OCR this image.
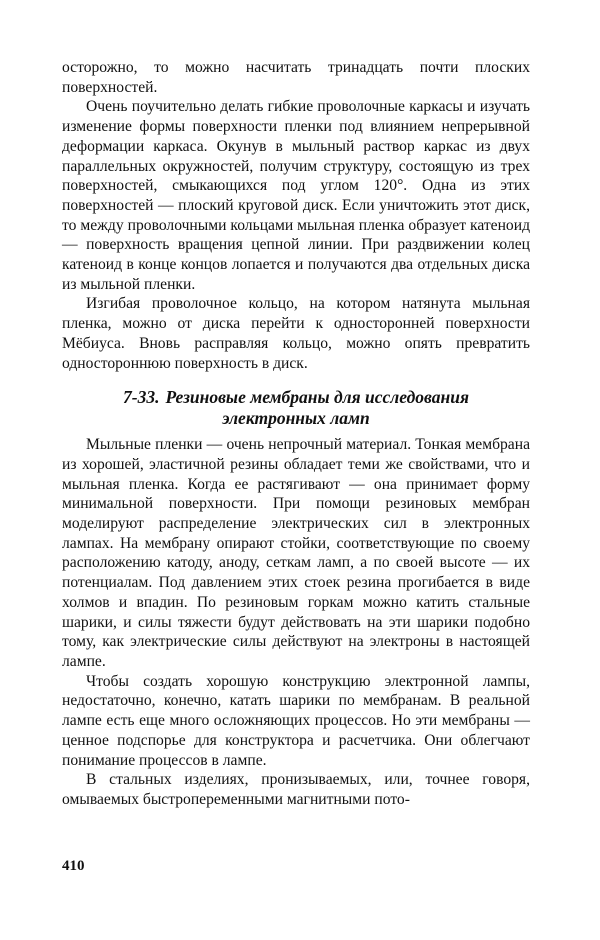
осторожно, то можно насчитать тринадцать почти плоских поверхностей.

Очень поучительно делать гибкие проволочные каркасы и изучать изменение формы поверхности пленки под влиянием непрерывной деформации каркаса. Окунув в мыльный раствор каркас из двух параллельных окружностей, получим структуру, состоящую из трех поверхностей, смыкающихся под углом 120°. Одна из этих поверхностей — плоский круговой диск. Если уничтожить этот диск, то между проволочными кольцами мыльная пленка образует катеноид — поверхность вращения цепной линии. При раздвижении колец катеноид в конце концов лопается и получаются два отдельных диска из мыльной пленки.

Изгибая проволочное кольцо, на котором натянута мыльная пленка, можно от диска перейти к односторонней поверхности Мёбиуса. Вновь расправляя кольцо, можно опять превратить одностороннюю поверхность в диск.

7-33. Резиновые мембраны для исследования электронных ламп

Мыльные пленки — очень непрочный материал. Тонкая мембрана из хорошей, эластичной резины обладает теми же свойствами, что и мыльная пленка. Когда ее растягивают — она принимает форму минимальной поверхности. При помощи резиновых мембран моделируют распределение электрических сил в электронных лампах. На мембрану опирают стойки, соответствующие по своему расположению катоду, аноду, сеткам ламп, а по своей высоте — их потенциалам. Под давлением этих стоек резина прогибается в виде холмов и впадин. По резиновым горкам можно катить стальные шарики, и силы тяжести будут действовать на эти шарики подобно тому, как электрические силы действуют на электроны в настоящей лампе.

Чтобы создать хорошую конструкцию электронной лампы, недостаточно, конечно, катать шарики по мембранам. В реальной лампе есть еще много осложняющих процессов. Но эти мембраны — ценное подспорье для конструктора и расчетчика. Они облегчают понимание процессов в лампе.

В стальных изделиях, пронизываемых, или, точнее говоря, омываемых быстропеременными магнитными пото-

410
